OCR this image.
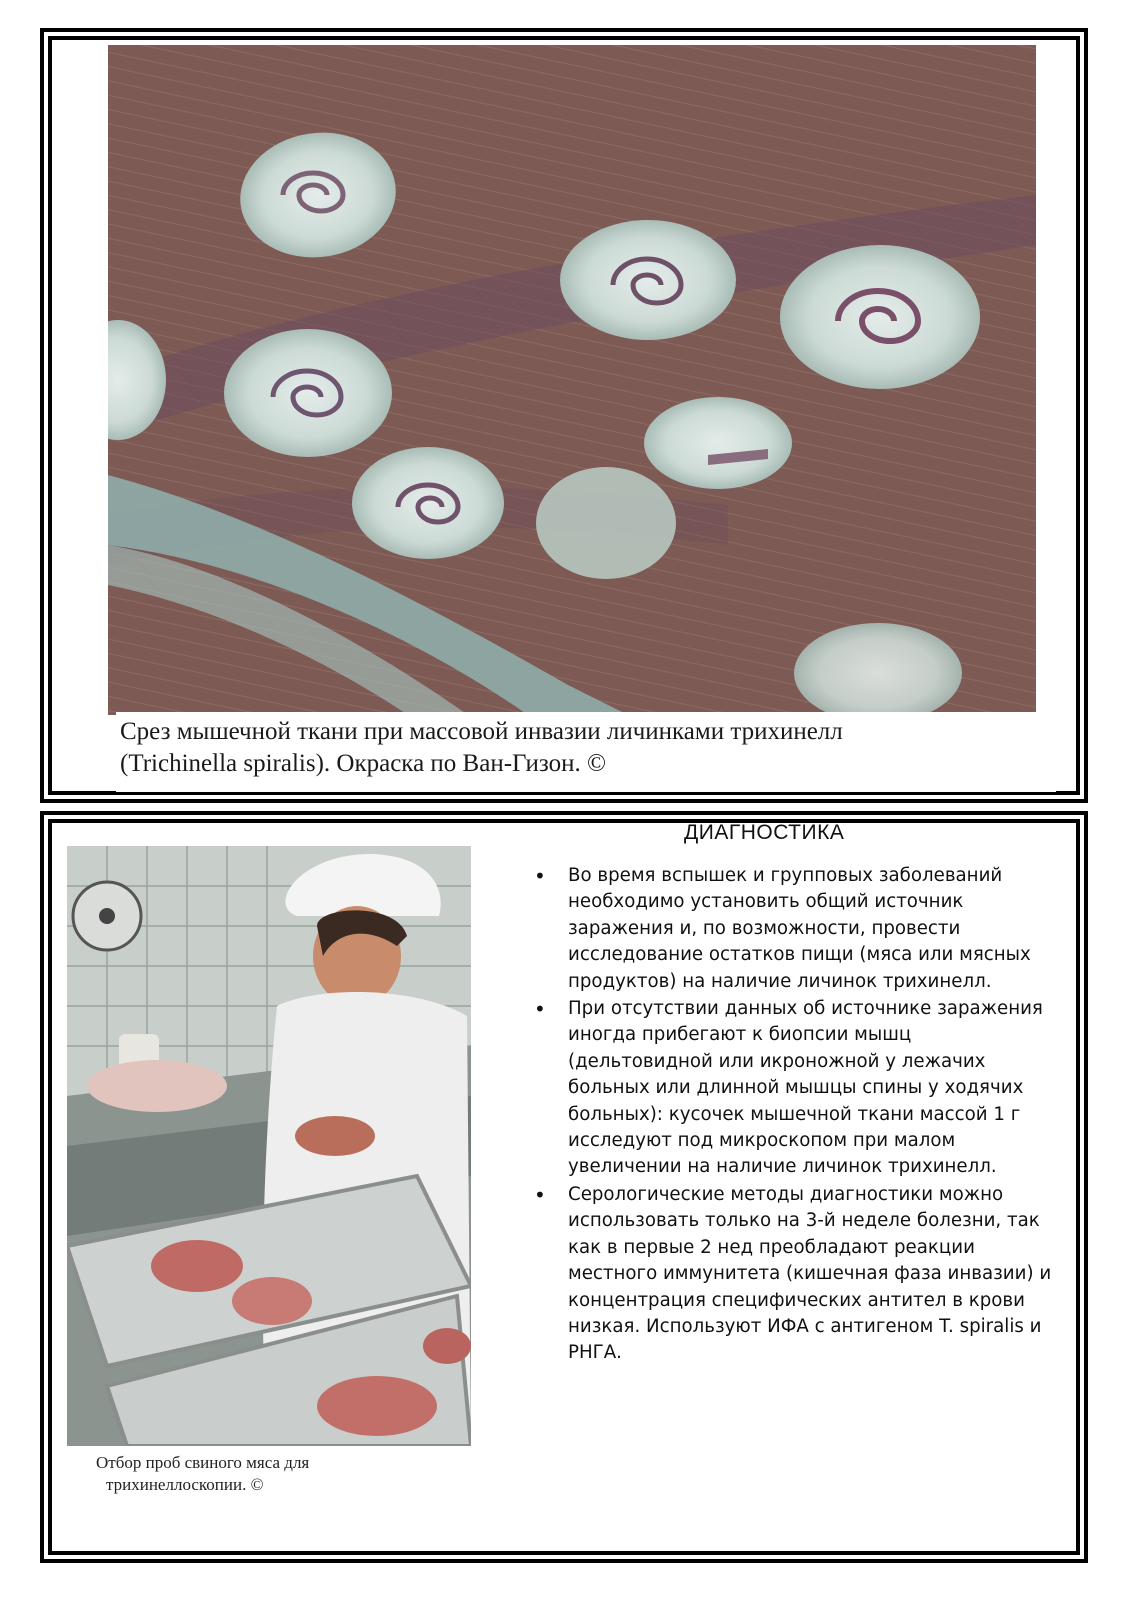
Срез мышечной ткани при массовой инвазии личинками трихинелл
(Trichinella spiralis). Окраска по Ван-Гизон. ©
Отбор проб свиного мяса для
трихинеллоскопии. ©
ДИАГНОСТИКА
• Во время вспышек и групповых заболеваний необходимо установить общий источник заражения и, по возможности, провести исследование остатков пищи (мяса или мясных продуктов) на наличие личинок трихинелл.
• При отсутствии данных об источнике заражения иногда прибегают к биопсии мышц (дельтовидной или икроножной у лежачих больных или длинной мышцы спины у ходячих больных): кусочек мышечной ткани массой 1 г исследуют под микроскопом при малом увеличении на наличие личинок трихинелл.
• Серологические методы диагностики можно использовать только на 3-й неделе болезни, так как в первые 2 нед преобладают реакции местного иммунитета (кишечная фаза инвазии) и концентрация специфических антител в крови низкая. Используют ИФА с антигеном T. spiralis и РНГА.
